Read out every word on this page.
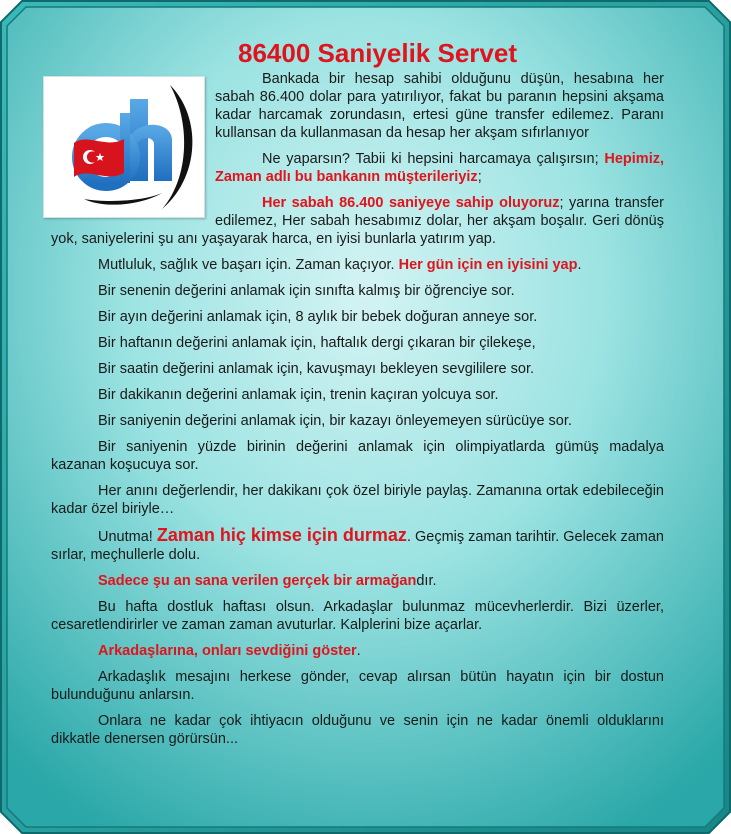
86400 Saniyelik Servet

Bankada bir hesap sahibi olduğunu düşün, hesabına her sabah 86.400 dolar para yatırılıyor, fakat bu paranın hepsini akşama kadar harcamak zorundasın, ertesi güne transfer edilemez. Paranı kullansan da kullanmasan da hesap her akşam sıfırlanıyor

Ne yaparsın? Tabii ki hepsini harcamaya çalışırsın; Hepimiz, Zaman adlı bu bankanın müşterileriyiz;

Her sabah 86.400 saniyeye sahip oluyoruz; yarına transfer edilemez, Her sabah hesabımız dolar, her akşam boşalır. Geri dönüş yok, saniyelerini şu anı yaşayarak harca, en iyisi bunlarla yatırım yap.

Mutluluk, sağlık ve başarı için. Zaman kaçıyor. Her gün için en iyisini yap.

Bir senenin değerini anlamak için sınıfta kalmış bir öğrenciye sor.

Bir ayın değerini anlamak için, 8 aylık bir bebek doğuran anneye sor.

Bir haftanın değerini anlamak için, haftalık dergi çıkaran bir çilekeşe,

Bir saatin değerini anlamak için, kavuşmayı bekleyen sevgililere sor.

Bir dakikanın değerini anlamak için, trenin kaçıran yolcuya sor.

Bir saniyenin değerini anlamak için, bir kazayı önleyemeyen sürücüye sor.

Bir saniyenin yüzde birinin değerini anlamak için olimpiyatlarda gümüş madalya kazanan koşucuya sor.

Her anını değerlendir, her dakikanı çok özel biriyle paylaş. Zamanına ortak edebileceğin kadar özel biriyle…

Unutma! Zaman hiç kimse için durmaz. Geçmiş zaman tarihtir. Gelecek zaman sırlar, meçhullerle dolu.

Sadece şu an sana verilen gerçek bir armağandır.

Bu hafta dostluk haftası olsun. Arkadaşlar bulunmaz mücevherlerdir. Bizi üzerler, cesaretlendirirler ve zaman zaman avuturlar. Kalplerini bize açarlar.

Arkadaşlarına, onları sevdiğini göster.

Arkadaşlık mesajını herkese gönder, cevap alırsan bütün hayatın için bir dostun bulunduğunu anlarsın.

Onlara ne kadar çok ihtiyacın olduğunu ve senin için ne kadar önemli olduklarını dikkatle denersen görürsün...
